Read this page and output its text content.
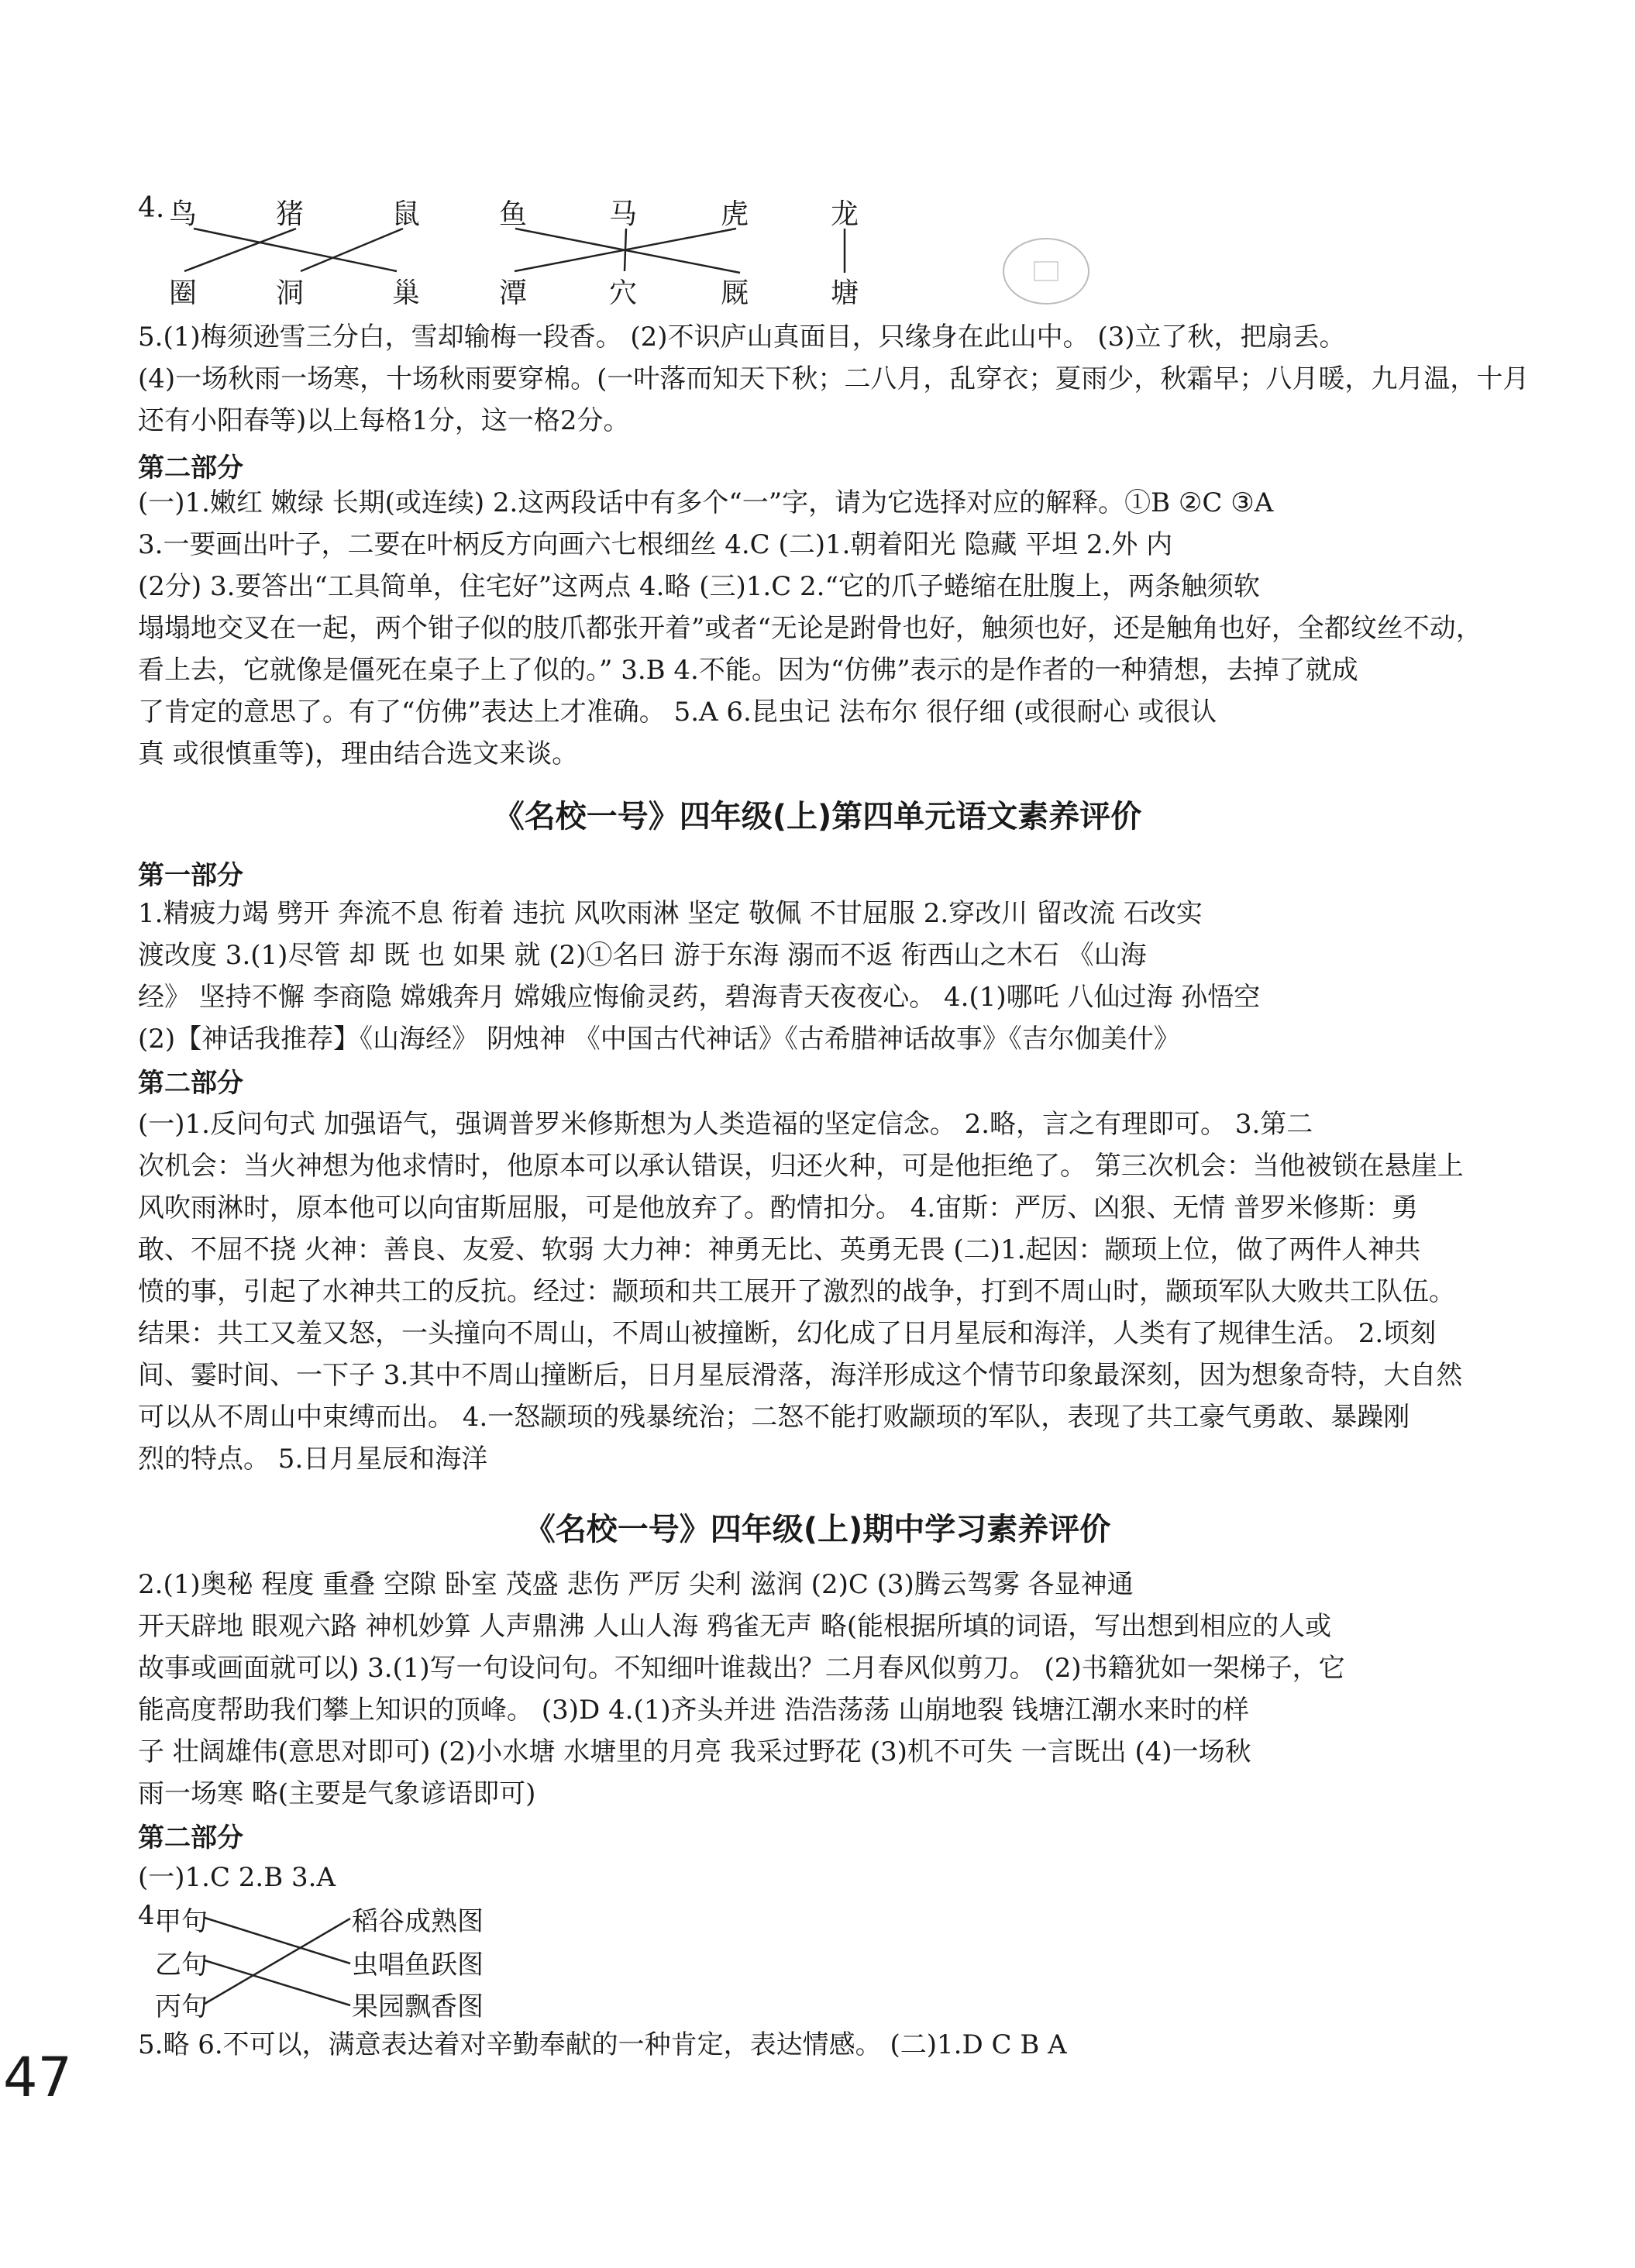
4. 鸟	猪	鼠	鱼	马	虎	龙
圈	洞	巢	潭	穴	厩	塘
5.(1)梅须逊雪三分白，雪却输梅一段香。 (2)不识庐山真面目，只缘身在此山中。 (3)立了秋，把扇丢。
(4)一场秋雨一场寒，十场秋雨要穿棉。(一叶落而知天下秋；二八月，乱穿衣；夏雨少，秋霜早；八月暖，九月温，十月
还有小阳春等)以上每格1分，这一格2分。
第二部分
(一)1.嫩红 嫩绿 长期(或连续) 2.这两段话中有多个“一”字，请为它选择对应的解释。①B ②C ③A
3.一要画出叶子，二要在叶柄反方向画六七根细丝 4.C (二)1.朝着阳光 隐藏 平坦 2.外 内
(2分) 3.要答出“工具简单，住宅好”这两点 4.略 (三)1.C 2.“它的爪子蜷缩在肚腹上，两条触须软
塌塌地交叉在一起，两个钳子似的肢爪都张开着”或者“无论是跗骨也好，触须也好，还是触角也好，全都纹丝不动，
看上去，它就像是僵死在桌子上了似的。” 3.B 4.不能。因为“仿佛”表示的是作者的一种猜想，去掉了就成
了肯定的意思了。有了“仿佛”表达上才准确。 5.A 6.昆虫记 法布尔 很仔细 (或很耐心 或很认
真 或很慎重等)，理由结合选文来谈。
《名校一号》四年级(上)第四单元语文素养评价
第一部分
1.精疲力竭 劈开 奔流不息 衔着 违抗 风吹雨淋 坚定 敬佩 不甘屈服 2.穿改川 留改流 石改实
渡改度 3.(1)尽管 却 既 也 如果 就 (2)①名曰 游于东海 溺而不返 衔西山之木石 《山海
经》 坚持不懈 李商隐 嫦娥奔月 嫦娥应悔偷灵药，碧海青天夜夜心。 4.(1)哪吒 八仙过海 孙悟空
(2)【神话我推荐】《山海经》 阴烛神 《中国古代神话》《古希腊神话故事》《吉尔伽美什》
第二部分
(一)1.反问句式 加强语气，强调普罗米修斯想为人类造福的坚定信念。 2.略，言之有理即可。 3.第二
次机会：当火神想为他求情时，他原本可以承认错误，归还火种，可是他拒绝了。 第三次机会：当他被锁在悬崖上
风吹雨淋时，原本他可以向宙斯屈服，可是他放弃了。酌情扣分。 4.宙斯：严厉、凶狠、无情 普罗米修斯：勇
敢、不屈不挠 火神：善良、友爱、软弱 大力神：神勇无比、英勇无畏 (二)1.起因：颛顼上位，做了两件人神共
愤的事，引起了水神共工的反抗。经过：颛顼和共工展开了激烈的战争，打到不周山时，颛顼军队大败共工队伍。
结果：共工又羞又怒，一头撞向不周山，不周山被撞断，幻化成了日月星辰和海洋，人类有了规律生活。 2.顷刻
间、霎时间、一下子 3.其中不周山撞断后，日月星辰滑落，海洋形成这个情节印象最深刻，因为想象奇特，大自然
可以从不周山中束缚而出。 4.一怒颛顼的残暴统治；二怒不能打败颛顼的军队，表现了共工豪气勇敢、暴躁刚
烈的特点。 5.日月星辰和海洋
《名校一号》四年级(上)期中学习素养评价
2.(1)奥秘 程度 重叠 空隙 卧室 茂盛 悲伤 严厉 尖利 滋润 (2)C (3)腾云驾雾 各显神通
开天辟地 眼观六路 神机妙算 人声鼎沸 人山人海 鸦雀无声 略(能根据所填的词语，写出想到相应的人或
故事或画面就可以) 3.(1)写一句设问句。不知细叶谁裁出？二月春风似剪刀。 (2)书籍犹如一架梯子，它
能高度帮助我们攀上知识的顶峰。 (3)D 4.(1)齐头并进 浩浩荡荡 山崩地裂 钱塘江潮水来时的样
子 壮阔雄伟(意思对即可) (2)小水塘 水塘里的月亮 我采过野花 (3)机不可失 一言既出 (4)一场秋
雨一场寒 略(主要是气象谚语即可)
第二部分
(一)1.C 2.B 3.A
4.
甲句
乙句
丙句
稻谷成熟图
虫唱鱼跃图
果园飘香图
5.略 6.不可以，满意表达着对辛勤奉献的一种肯定，表达情感。 (二)1.D C B A
47
